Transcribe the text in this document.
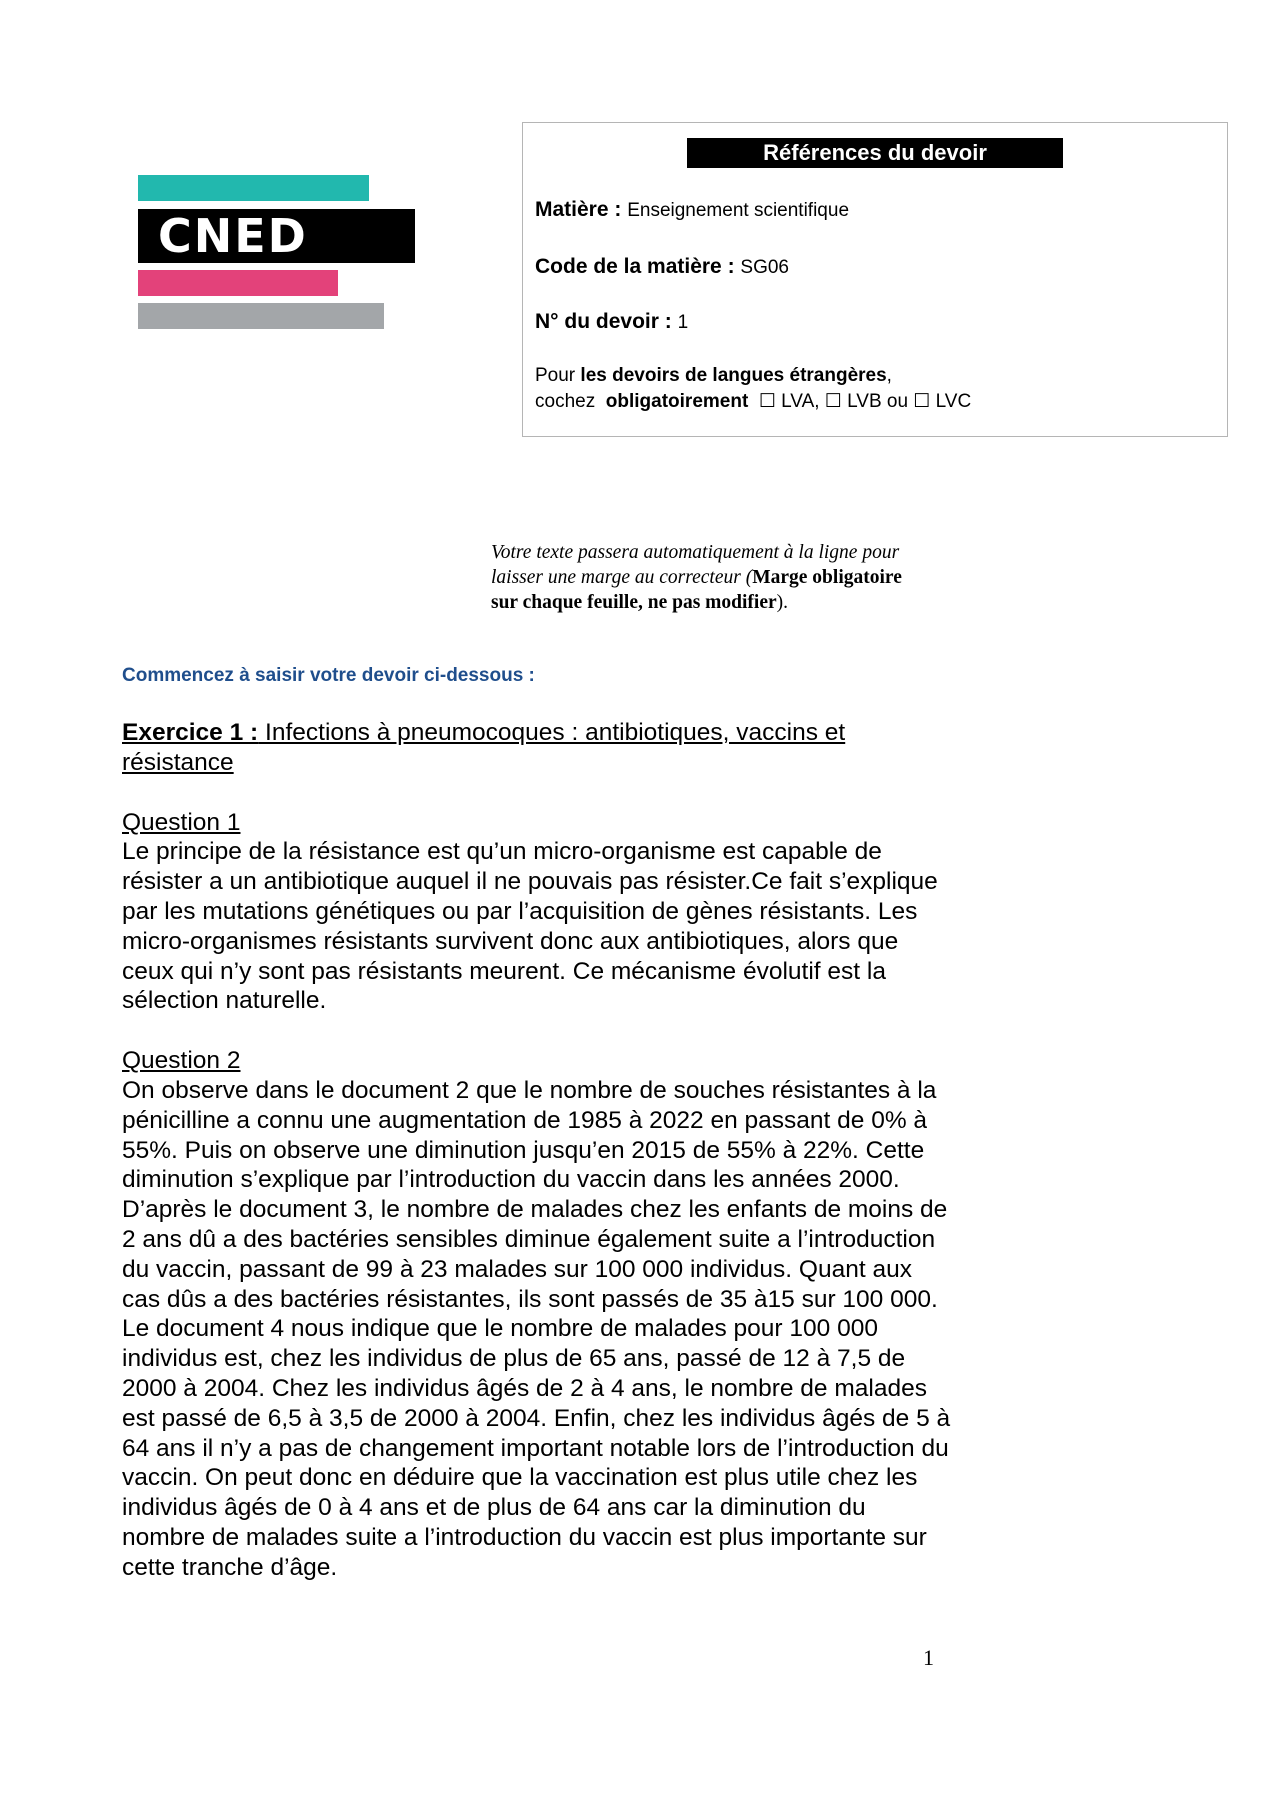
CNED
Références du devoir
Matière : Enseignement scientifique
Code de la matière : SG06
N° du devoir : 1
Pour les devoirs de langues étrangères,
cochez  obligatoirement  ☐ LVA, ☐ LVB ou ☐ LVC
Votre texte passera automatiquement à la ligne pour laisser une marge au correcteur (Marge obligatoire sur chaque feuille, ne pas modifier).
Commencez à saisir votre devoir ci-dessous :

Exercice 1 : Infections à pneumocoques : antibiotiques, vaccins et résistance

Question 1

Le principe de la résistance est qu’un micro-organisme est capable de résister a un antibiotique auquel il ne pouvais pas résister.Ce fait s’explique par les mutations génétiques ou par l’acquisition de gènes résistants. Les micro-organismes résistants survivent donc aux antibiotiques, alors que ceux qui n’y sont pas résistants meurent. Ce mécanisme évolutif est la sélection naturelle.

Question 2

On observe dans le document 2 que le nombre de souches résistantes à la pénicilline a connu une augmentation de 1985 à 2022 en passant de 0% à 55%. Puis on observe une diminution jusqu’en 2015 de 55% à 22%. Cette diminution s’explique par l’introduction du vaccin dans les années 2000. D’après le document 3, le nombre de malades chez les enfants de moins de 2 ans dû a des bactéries sensibles diminue également suite a l’introduction du vaccin, passant de 99 à 23 malades sur 100 000 individus. Quant aux cas dûs a des bactéries résistantes, ils sont passés de 35 à15 sur 100 000. Le document 4 nous indique que le nombre de malades pour 100 000 individus est, chez les individus de plus de 65 ans, passé de 12 à 7,5 de 2000 à 2004. Chez les individus âgés de 2 à 4 ans, le nombre de malades est passé de 6,5 à 3,5 de 2000 à 2004. Enfin, chez les individus âgés de 5 à 64 ans il n’y a pas de changement important notable lors de l’introduction du vaccin. On peut donc en déduire que la vaccination est plus utile chez les individus âgés de 0 à 4 ans et de plus de 64 ans car la diminution du nombre de malades suite a l’introduction du vaccin est plus importante sur cette tranche d’âge.

1
